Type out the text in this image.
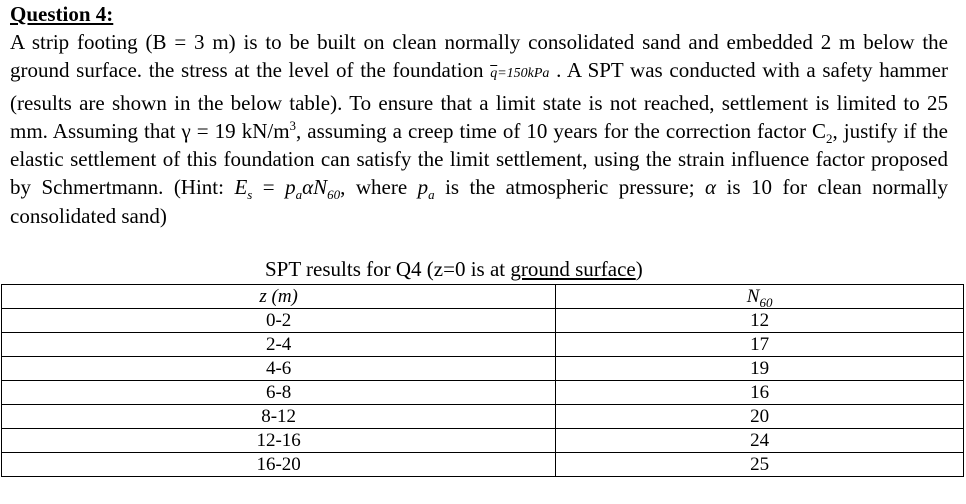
Question 4:
A strip footing (B = 3 m) is to be built on clean normally consolidated sand and embedded 2 m below the ground surface. the stress at the level of the foundation $\overline{q}=150kPa$ . A SPT was conducted with a safety hammer (results are shown in the below table). To ensure that a limit state is not reached, settlement is limited to 25 mm. Assuming that γ = 19 $kN/m^3$, assuming a creep time of 10 years for the correction factor $C_2$, justify if the elastic settlement of this foundation can satisfy the limit settlement, using the strain influence factor proposed by Schmertmann. (Hint: $E_s = p_a\alpha N_{60}$, where $p_a$ is the atmospheric pressure; α is 10 for clean normally consolidated sand)
SPT results for Q4 (z=0 is at ground surface)
z (m)	$N_{60}$
0-2	12
2-4	17
4-6	19
6-8	16
8-12	20
12-16	24
16-20	25
